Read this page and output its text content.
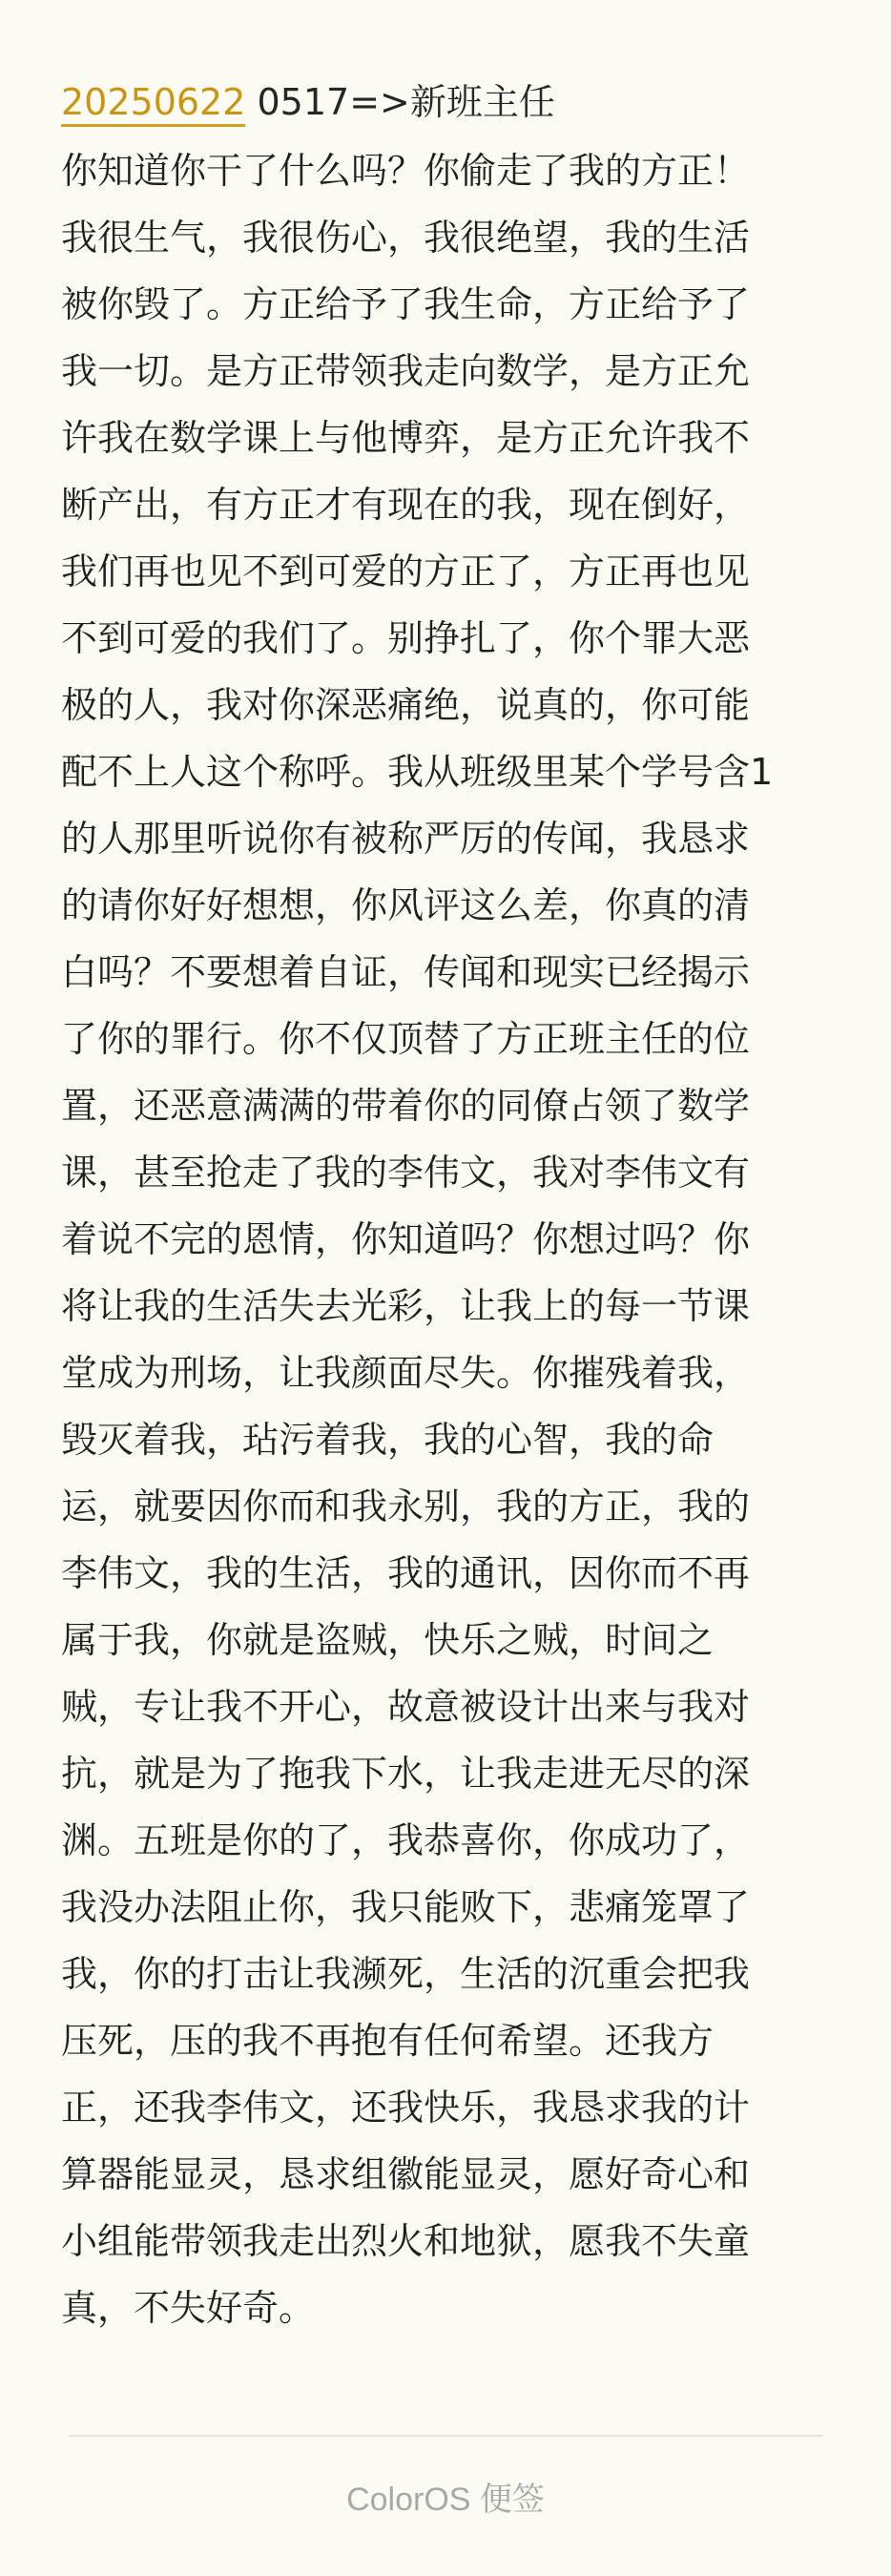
20250622 0517=>新班主任
你知道你干了什么吗？你偷走了我的方正！
我很生气，我很伤心，我很绝望，我的生活
被你毁了。方正给予了我生命，方正给予了
我一切。是方正带领我走向数学，是方正允
许我在数学课上与他博弈，是方正允许我不
断产出，有方正才有现在的我，现在倒好，
我们再也见不到可爱的方正了，方正再也见
不到可爱的我们了。别挣扎了，你个罪大恶
极的人，我对你深恶痛绝，说真的，你可能
配不上人这个称呼。我从班级里某个学号含1
的人那里听说你有被称严厉的传闻，我恳求
的请你好好想想，你风评这么差，你真的清
白吗？不要想着自证，传闻和现实已经揭示
了你的罪行。你不仅顶替了方正班主任的位
置，还恶意满满的带着你的同僚占领了数学
课，甚至抢走了我的李伟文，我对李伟文有
着说不完的恩情，你知道吗？你想过吗？你
将让我的生活失去光彩，让我上的每一节课
堂成为刑场，让我颜面尽失。你摧残着我，
毁灭着我，玷污着我，我的心智，我的命
运，就要因你而和我永别，我的方正，我的
李伟文，我的生活，我的通讯，因你而不再
属于我，你就是盗贼，快乐之贼，时间之
贼，专让我不开心，故意被设计出来与我对
抗，就是为了拖我下水，让我走进无尽的深
渊。五班是你的了，我恭喜你，你成功了，
我没办法阻止你，我只能败下，悲痛笼罩了
我，你的打击让我濒死，生活的沉重会把我
压死，压的我不再抱有任何希望。还我方
正，还我李伟文，还我快乐，我恳求我的计
算器能显灵，恳求组徽能显灵，愿好奇心和
小组能带领我走出烈火和地狱，愿我不失童
真，不失好奇。
ColorOS 便签
